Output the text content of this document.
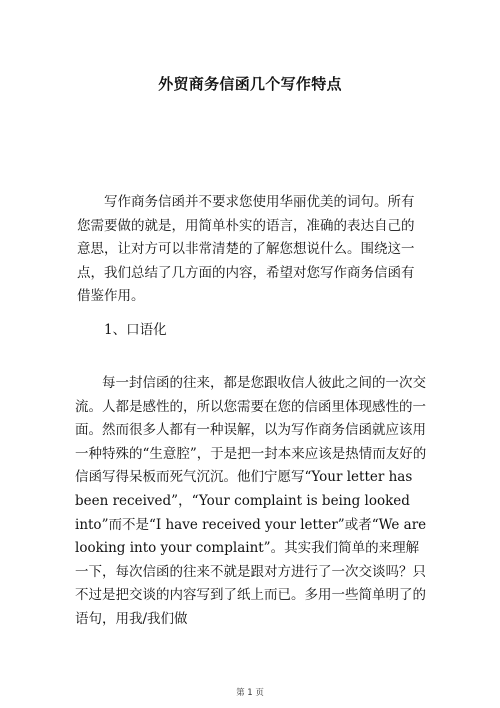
外贸商务信函几个写作特点

写作商务信函并不要求您使用华丽优美的词句。所有您需要做的就是，用简单朴实的语言，准确的表达自己的意思，让对方可以非常清楚的了解您想说什么。围绕这一点，我们总结了几方面的内容，希望对您写作商务信函有借鉴作用。

1、口语化

每一封信函的往来，都是您跟收信人彼此之间的一次交流。人都是感性的，所以您需要在您的信函里体现感性的一面。然而很多人都有一种误解，以为写作商务信函就应该用一种特殊的“生意腔”，于是把一封本来应该是热情而友好的信函写得呆板而死气沉沉。他们宁愿写“Your letter has been received”，“Your complaint is being looked into”而不是“I have received your letter”或者“We are looking into your complaint”。其实我们简单的来理解一下，每次信函的往来不就是跟对方进行了一次交谈吗？只不过是把交谈的内容写到了纸上而已。多用一些简单明了的语句，用我/我们做

第 1 页
